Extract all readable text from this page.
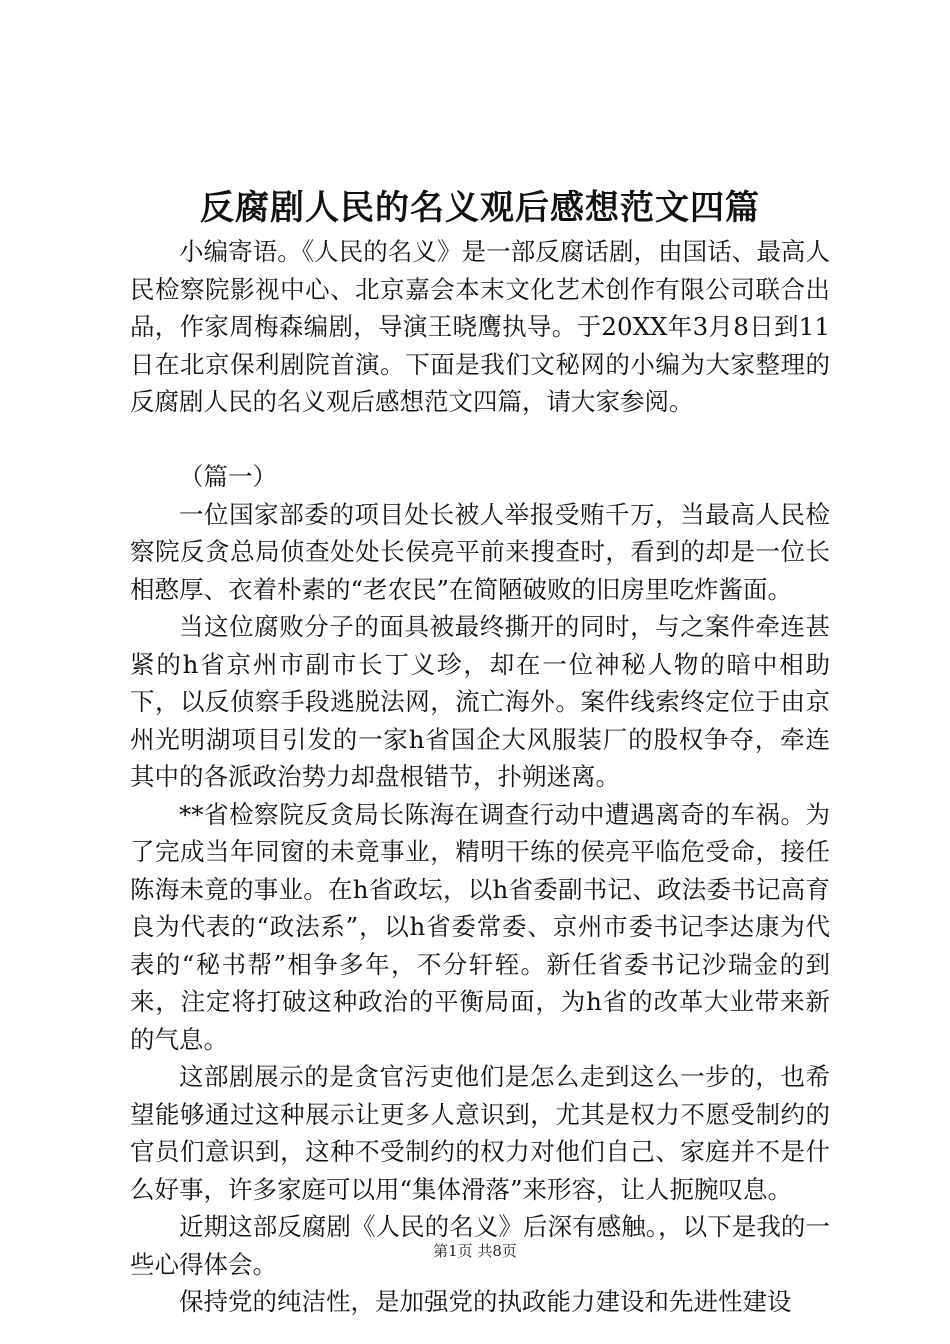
反腐剧人民的名义观后感想范文四篇

小编寄语。《人民的名义》是一部反腐话剧，由国话、最高人民检察院影视中心、北京嘉会本末文化艺术创作有限公司联合出品，作家周梅森编剧，导演王晓鹰执导。于20XX年3月8日到11日在北京保利剧院首演。下面是我们文秘网的小编为大家整理的反腐剧人民的名义观后感想范文四篇，请大家参阅。

（篇一）

一位国家部委的项目处长被人举报受贿千万，当最高人民检察院反贪总局侦查处处长侯亮平前来搜查时，看到的却是一位长相憨厚、衣着朴素的“老农民”在简陋破败的旧房里吃炸酱面。

当这位腐败分子的面具被最终撕开的同时，与之案件牵连甚紧的h省京州市副市长丁义珍，却在一位神秘人物的暗中相助下，以反侦察手段逃脱法网，流亡海外。案件线索终定位于由京州光明湖项目引发的一家h省国企大风服装厂的股权争夺，牵连其中的各派政治势力却盘根错节，扑朔迷离。

**省检察院反贪局长陈海在调查行动中遭遇离奇的车祸。为了完成当年同窗的未竟事业，精明干练的侯亮平临危受命，接任陈海未竟的事业。在h省政坛，以h省委副书记、政法委书记高育良为代表的“政法系”，以h省委常委、京州市委书记李达康为代表的“秘书帮”相争多年，不分轩轾。新任省委书记沙瑞金的到来，注定将打破这种政治的平衡局面，为h省的改革大业带来新的气息。

这部剧展示的是贪官污吏他们是怎么走到这么一步的，也希望能够通过这种展示让更多人意识到，尤其是权力不愿受制约的官员们意识到，这种不受制约的权力对他们自己、家庭并不是什么好事，许多家庭可以用“集体滑落”来形容，让人扼腕叹息。

近期这部反腐剧《人民的名义》后深有感触。，以下是我的一些心得体会。

保持党的纯洁性，是加强党的执政能力建设和先进性建设

第1页 共8页
